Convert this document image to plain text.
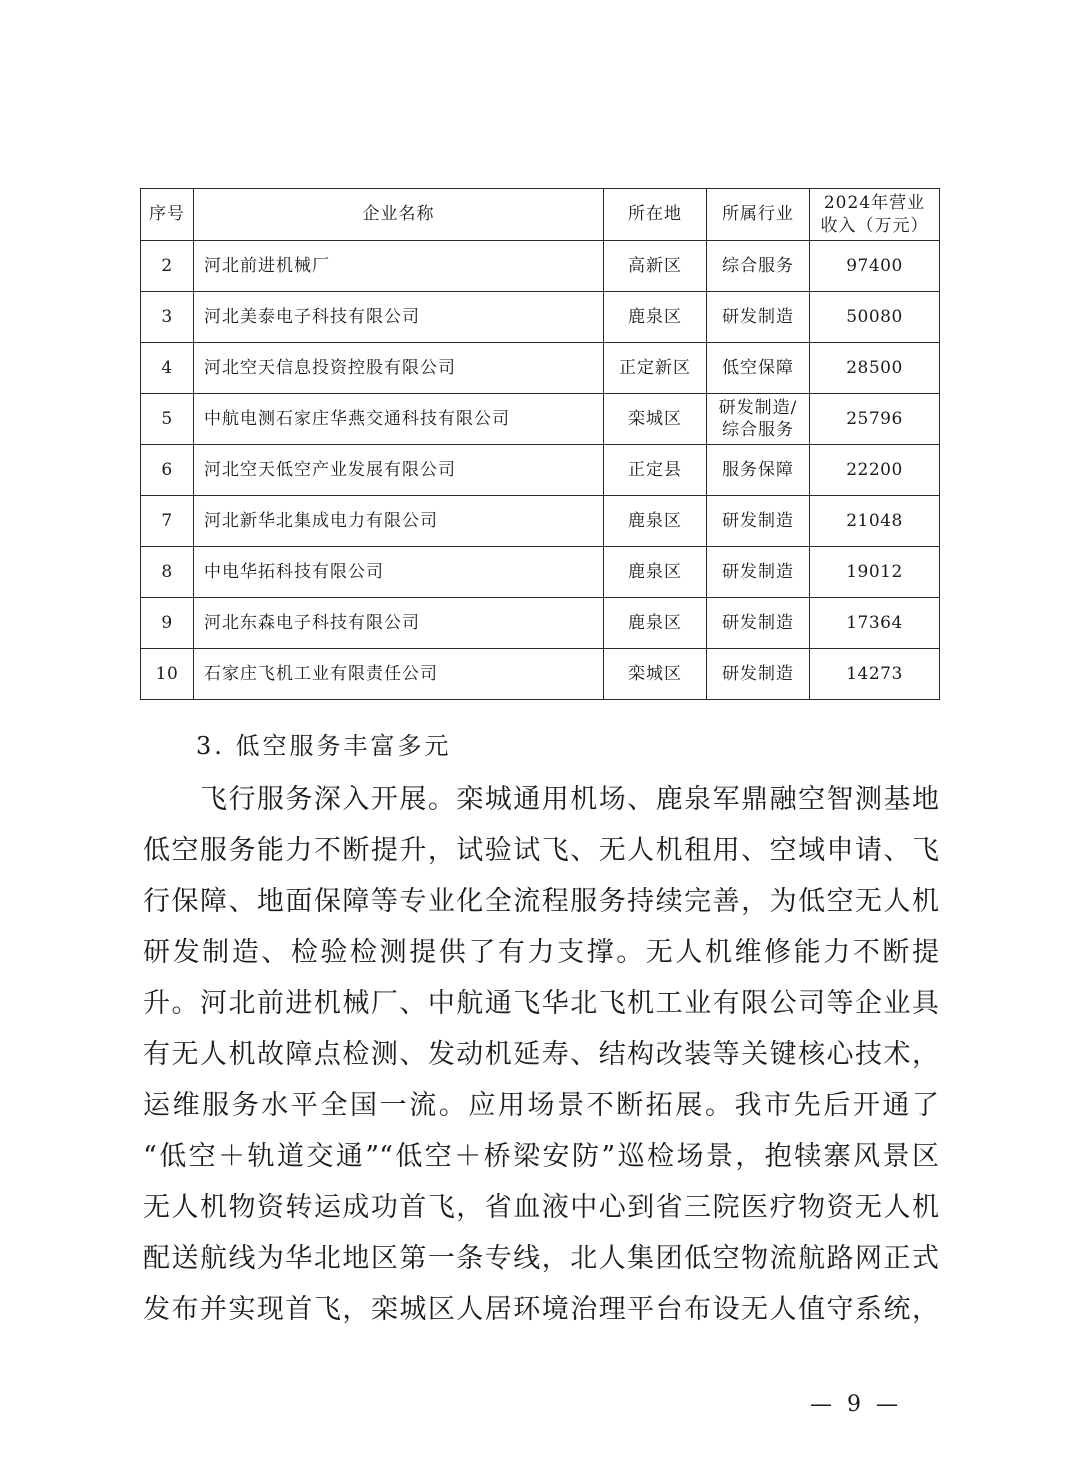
序号	企业名称	所在地	所属行业	2024年营业
收入（万元）

2	河北前进机械厂	高新区	综合服务	97400
3	河北美泰电子科技有限公司	鹿泉区	研发制造	50080
4	河北空天信息投资控股有限公司	正定新区	低空保障	28500
5	中航电测石家庄华燕交通科技有限公司	栾城区	研发制造/
综合服务	25796
6	河北空天低空产业发展有限公司	正定县	服务保障	22200
7	河北新华北集成电力有限公司	鹿泉区	研发制造	21048
8	中电华拓科技有限公司	鹿泉区	研发制造	19012
9	河北东森电子科技有限公司	鹿泉区	研发制造	17364
10	石家庄飞机工业有限责任公司	栾城区	研发制造	14273
3. 低空服务丰富多元
　　飞行服务深入开展。栾城通用机场、鹿泉军鼎融空智测基地
低空服务能力不断提升，试验试飞、无人机租用、空域申请、飞
行保障、地面保障等专业化全流程服务持续完善，为低空无人机
研发制造、检验检测提供了有力支撑。无人机维修能力不断提
升。河北前进机械厂、中航通飞华北飞机工业有限公司等企业具
有无人机故障点检测、发动机延寿、结构改装等关键核心技术，
运维服务水平全国一流。应用场景不断拓展。我市先后开通了
“低空＋轨道交通”“低空＋桥梁安防”巡检场景，抱犊寨风景区
无人机物资转运成功首飞，省血液中心到省三院医疗物资无人机
配送航线为华北地区第一条专线，北人集团低空物流航路网正式
发布并实现首飞，栾城区人居环境治理平台布设无人值守系统，
— 9 —
